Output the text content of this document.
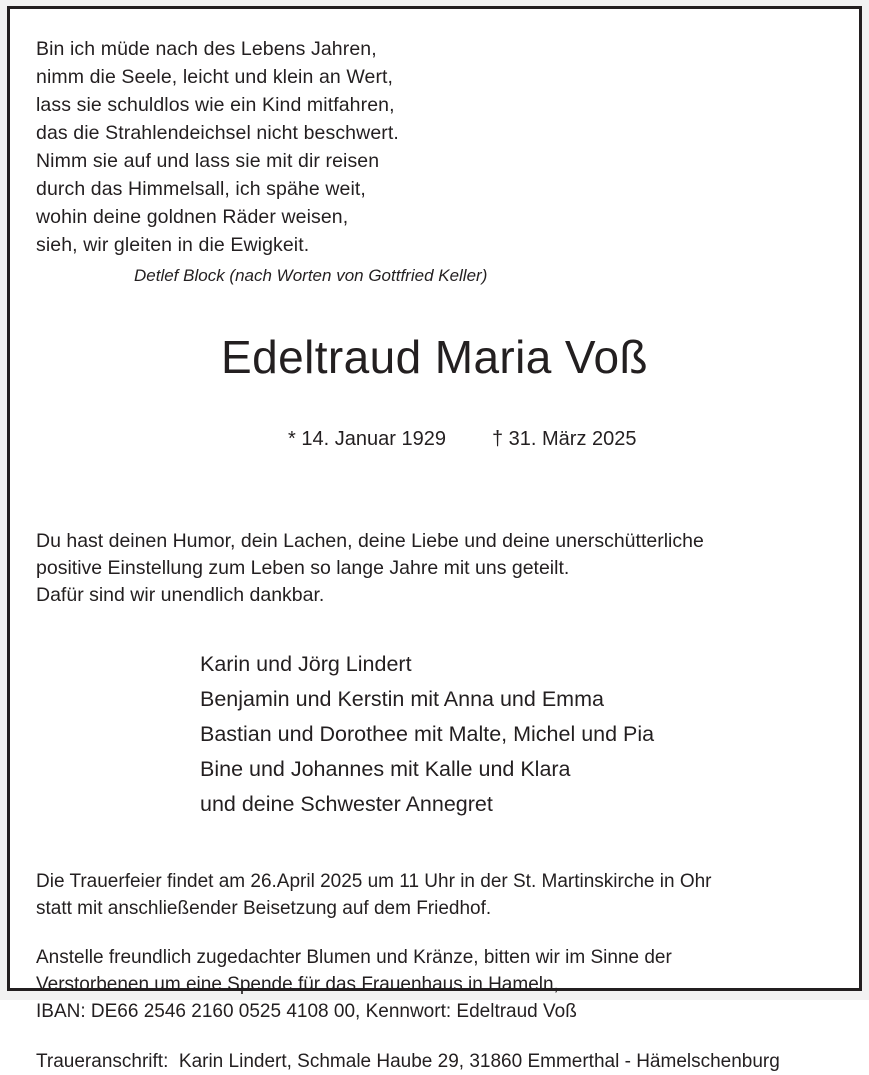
Bin ich müde nach des Lebens Jahren,
nimm die Seele, leicht und klein an Wert,
lass sie schuldlos wie ein Kind mitfahren,
das die Strahlendeichsel nicht beschwert.
Nimm sie auf und lass sie mit dir reisen
durch das Himmelsall, ich spähe weit,
wohin deine goldnen Räder weisen,
sieh, wir gleiten in die Ewigkeit.
Detlef Block (nach Worten von Gottfried Keller)
Edeltraud Maria Voß

* 14. Januar 1929 † 31. März 2025

Du hast deinen Humor, dein Lachen, deine Liebe und deine unerschütterliche
positive Einstellung zum Leben so lange Jahre mit uns geteilt.
Dafür sind wir unendlich dankbar.
Karin und Jörg Lindert
Benjamin und Kerstin mit Anna und Emma
Bastian und Dorothee mit Malte, Michel und Pia
Bine und Johannes mit Kalle und Klara
und deine Schwester Annegret
Die Trauerfeier findet am 26.April 2025 um 11 Uhr in der St. Martinskirche in Ohr
statt mit anschließender Beisetzung auf dem Friedhof.
Anstelle freundlich zugedachter Blumen und Kränze, bitten wir im Sinne der
Verstorbenen um eine Spende für das Frauenhaus in Hameln,
IBAN: DE66 2546 2160 0525 4108 00, Kennwort: Edeltraud Voß
Traueranschrift:  Karin Lindert, Schmale Haube 29, 31860 Emmerthal - Hämelschenburg
